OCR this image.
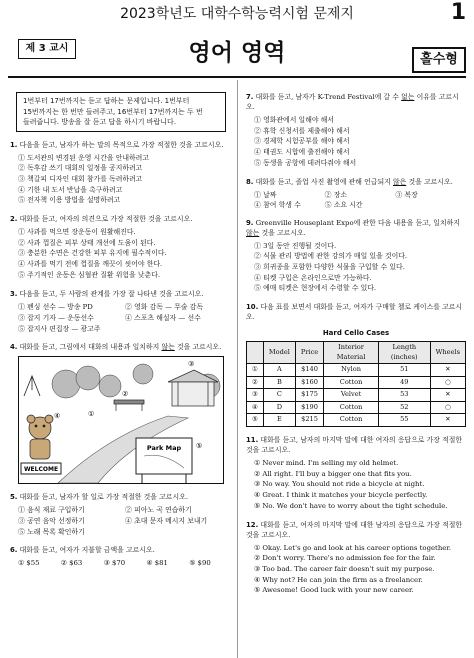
2023학년도 대학수학능력시험 문제지	1
제 3 교시	영어 영역	홀수형
1번부터 17번까지는 듣고 답하는 문제입니다. 1번부터
15번까지는 한 번만 들려주고, 16번부터 17번까지는 두 번
들려줍니다. 방송을 잘 듣고 답을 하시기 바랍니다.
1. 다음을 듣고, 남자가 하는 말의 목적으로 가장 적절한 것을 고르시오.
① 도서관의 변경된 운영 시간을 안내하려고
② 독후감 쓰기 대회의 일정을 공지하려고
③ 책갈피 디자인 대회 참가를 독려하려고
④ 기한 내 도서 반납을 촉구하려고
⑤ 전자책 이용 방법을 설명하려고
2. 대화를 듣고, 여자의 의견으로 가장 적절한 것을 고르시오.
① 사과를 먹으면 장운동이 원활해진다.
② 사과 껍질은 피부 상태 개선에 도움이 된다.
③ 충분한 수면은 건강한 피부 유지에 필수적이다.
④ 사과를 먹기 전에 껍질을 깨끗이 씻어야 한다.
⑤ 주기적인 운동은 심혈관 질환 위험을 낮춘다.
3. 다음을 듣고, 두 사람의 관계를 가장 잘 나타낸 것을 고르시오.
① 펜싱 선수 — 방송 PD	② 영화 감독 — 무술 감독
③ 잡지 기자 — 운동선수	④ 스포츠 해설자 — 선수
⑤ 잡지사 편집장 — 광고주
4. 대화를 듣고, 그림에서 대화의 내용과 일치하지 않는 것을 고르시오.
WELCOME
Park Map
①
②
③
④
⑤
5. 대화를 듣고, 남자가 할 일로 가장 적절한 것을 고르시오.
① 음식 재료 구입하기	② 피아노 곡 연습하기
③ 공연 음악 선정하기	④ 초대 문자 메시지 보내기
⑤ 노래 목록 확인하기
6. 대화를 듣고, 여자가 지불할 금액을 고르시오.
① $55	② $63	③ $70	④ $81	⑤ $90
7. 대화를 듣고, 남자가 K-Trend Festival에 갈 수 없는 이유를 고르시오.
① 영화관에서 일해야 해서
② 휴학 신청서를 제출해야 해서
③ 경제학 시험공부를 해야 해서
④ 태권도 시합에 출전해야 해서
⑤ 동생을 공항에 데려다줘야 해서
8. 대화를 듣고, 졸업 사진 촬영에 관해 언급되지 않은 것을 고르시오.
① 날짜	② 장소	③ 복장
④ 참여 학생 수	⑤ 소요 시간
9. Greenville Houseplant Expo에 관한 다음 내용을 듣고, 일치하지 않는 것을 고르시오.
① 3일 동안 진행될 것이다.
② 식물 관리 방법에 관한 강의가 매일 있을 것이다.
③ 희귀종을 포함한 다양한 식물을 구입할 수 있다.
④ 티켓 구입은 온라인으로만 가능하다.
⑤ 예매 티켓은 현장에서 수령할 수 있다.
10. 다음 표를 보면서 대화를 듣고, 여자가 구매할 첼로 케이스를 고르시오.
Hard Cello Cases
	Model	Price	Interior Material	Length (inches)	Wheels
①	A	$140	Nylon	51	✕
②	B	$160	Cotton	49	○
③	C	$175	Velvet	53	✕
④	D	$190	Cotton	52	○
⑤	E	$215	Cotton	55	✕
11. 대화를 듣고, 남자의 마지막 말에 대한 여자의 응답으로 가장 적절한 것을 고르시오.
① Never mind. I'm selling my old helmet.
② All right. I'll buy a bigger one that fits you.
③ No way. You should not ride a bicycle at night.
④ Great. I think it matches your bicycle perfectly.
⑤ No. We don't have to worry about the tight schedule.
12. 대화를 듣고, 여자의 마지막 말에 대한 남자의 응답으로 가장 적절한 것을 고르시오.
① Okay. Let's go and look at his career options together.
② Don't worry. There's no admission fee for the fair.
③ Too bad. The career fair doesn't suit my purpose.
④ Why not? He can join the firm as a freelancer.
⑤ Awesome! Good luck with your new career.
